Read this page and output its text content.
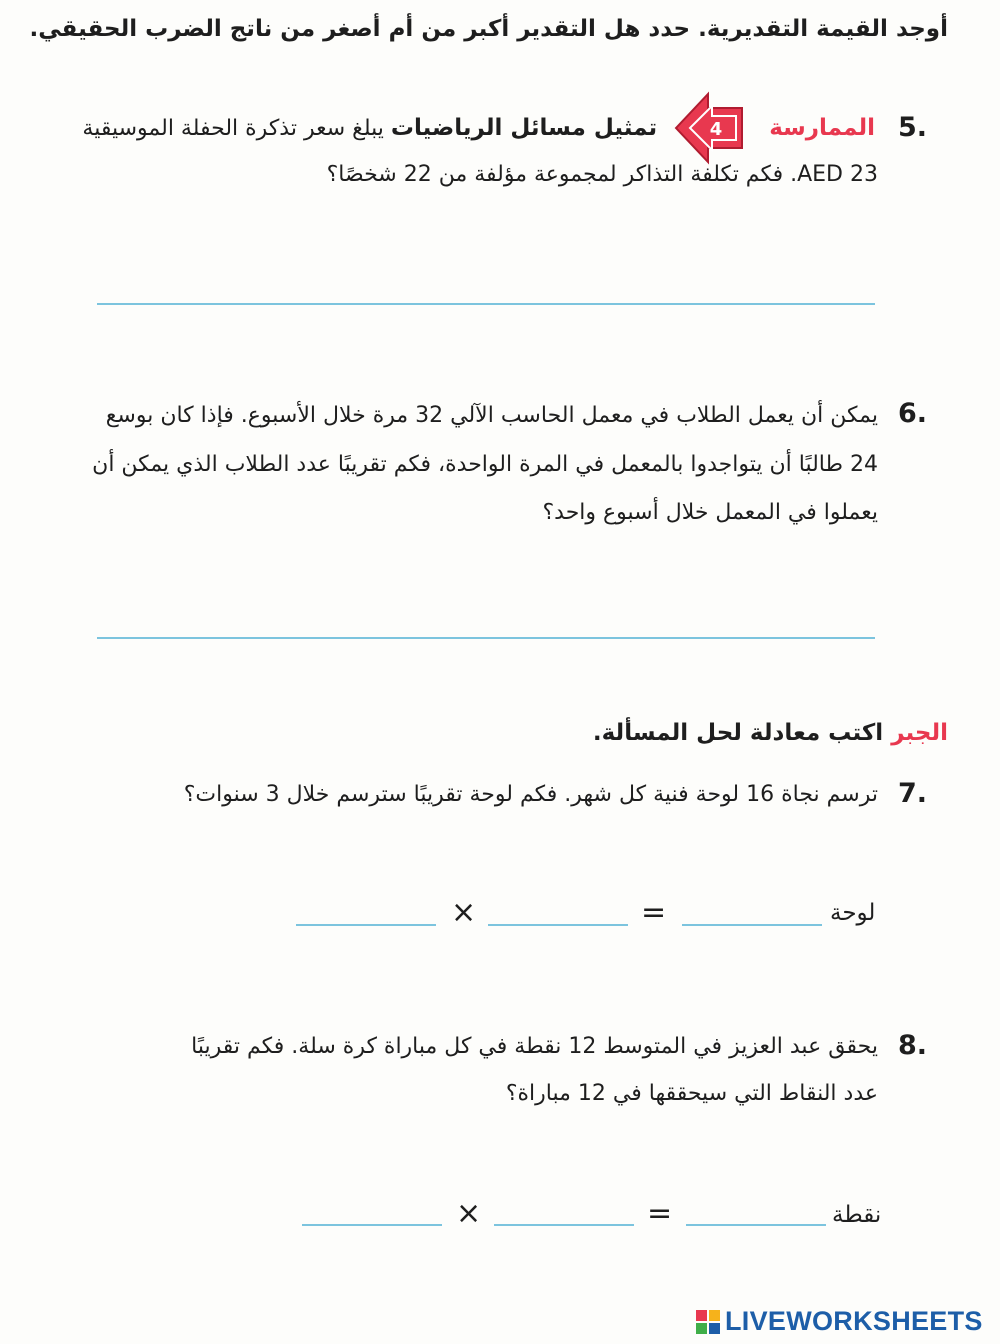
أوجد القيمة التقديرية. حدد هل التقدير أكبر من أم أصغر من ناتج الضرب الحقيقي.
5.
الممارسة  تمثيل مسائل الرياضيات يبلغ سعر تذكرة الحفلة الموسيقية	4
AED 23. فكم تكلفة التذاكر لمجموعة مؤلفة من 22 شخصًا؟
6.
يمكن أن يعمل الطلاب في معمل الحاسب الآلي 32 مرة خلال الأسبوع. فإذا كان بوسع
24 طالبًا أن يتواجدوا بالمعمل في المرة الواحدة، فكم تقريبًا عدد الطلاب الذي يمكن أن
يعملوا في المعمل خلال أسبوع واحد؟
الجبر اكتب معادلة لحل المسألة.
7.
ترسم نجاة 16 لوحة فنية كل شهر. فكم لوحة تقريبًا سترسم خلال 3 سنوات؟
لوحة
=
×
8.
يحقق عبد العزيز في المتوسط 12 نقطة في كل مباراة كرة سلة. فكم تقريبًا
عدد النقاط التي سيحققها في 12 مباراة؟
نقطة
=
×
LIVEWORKSHEETS
